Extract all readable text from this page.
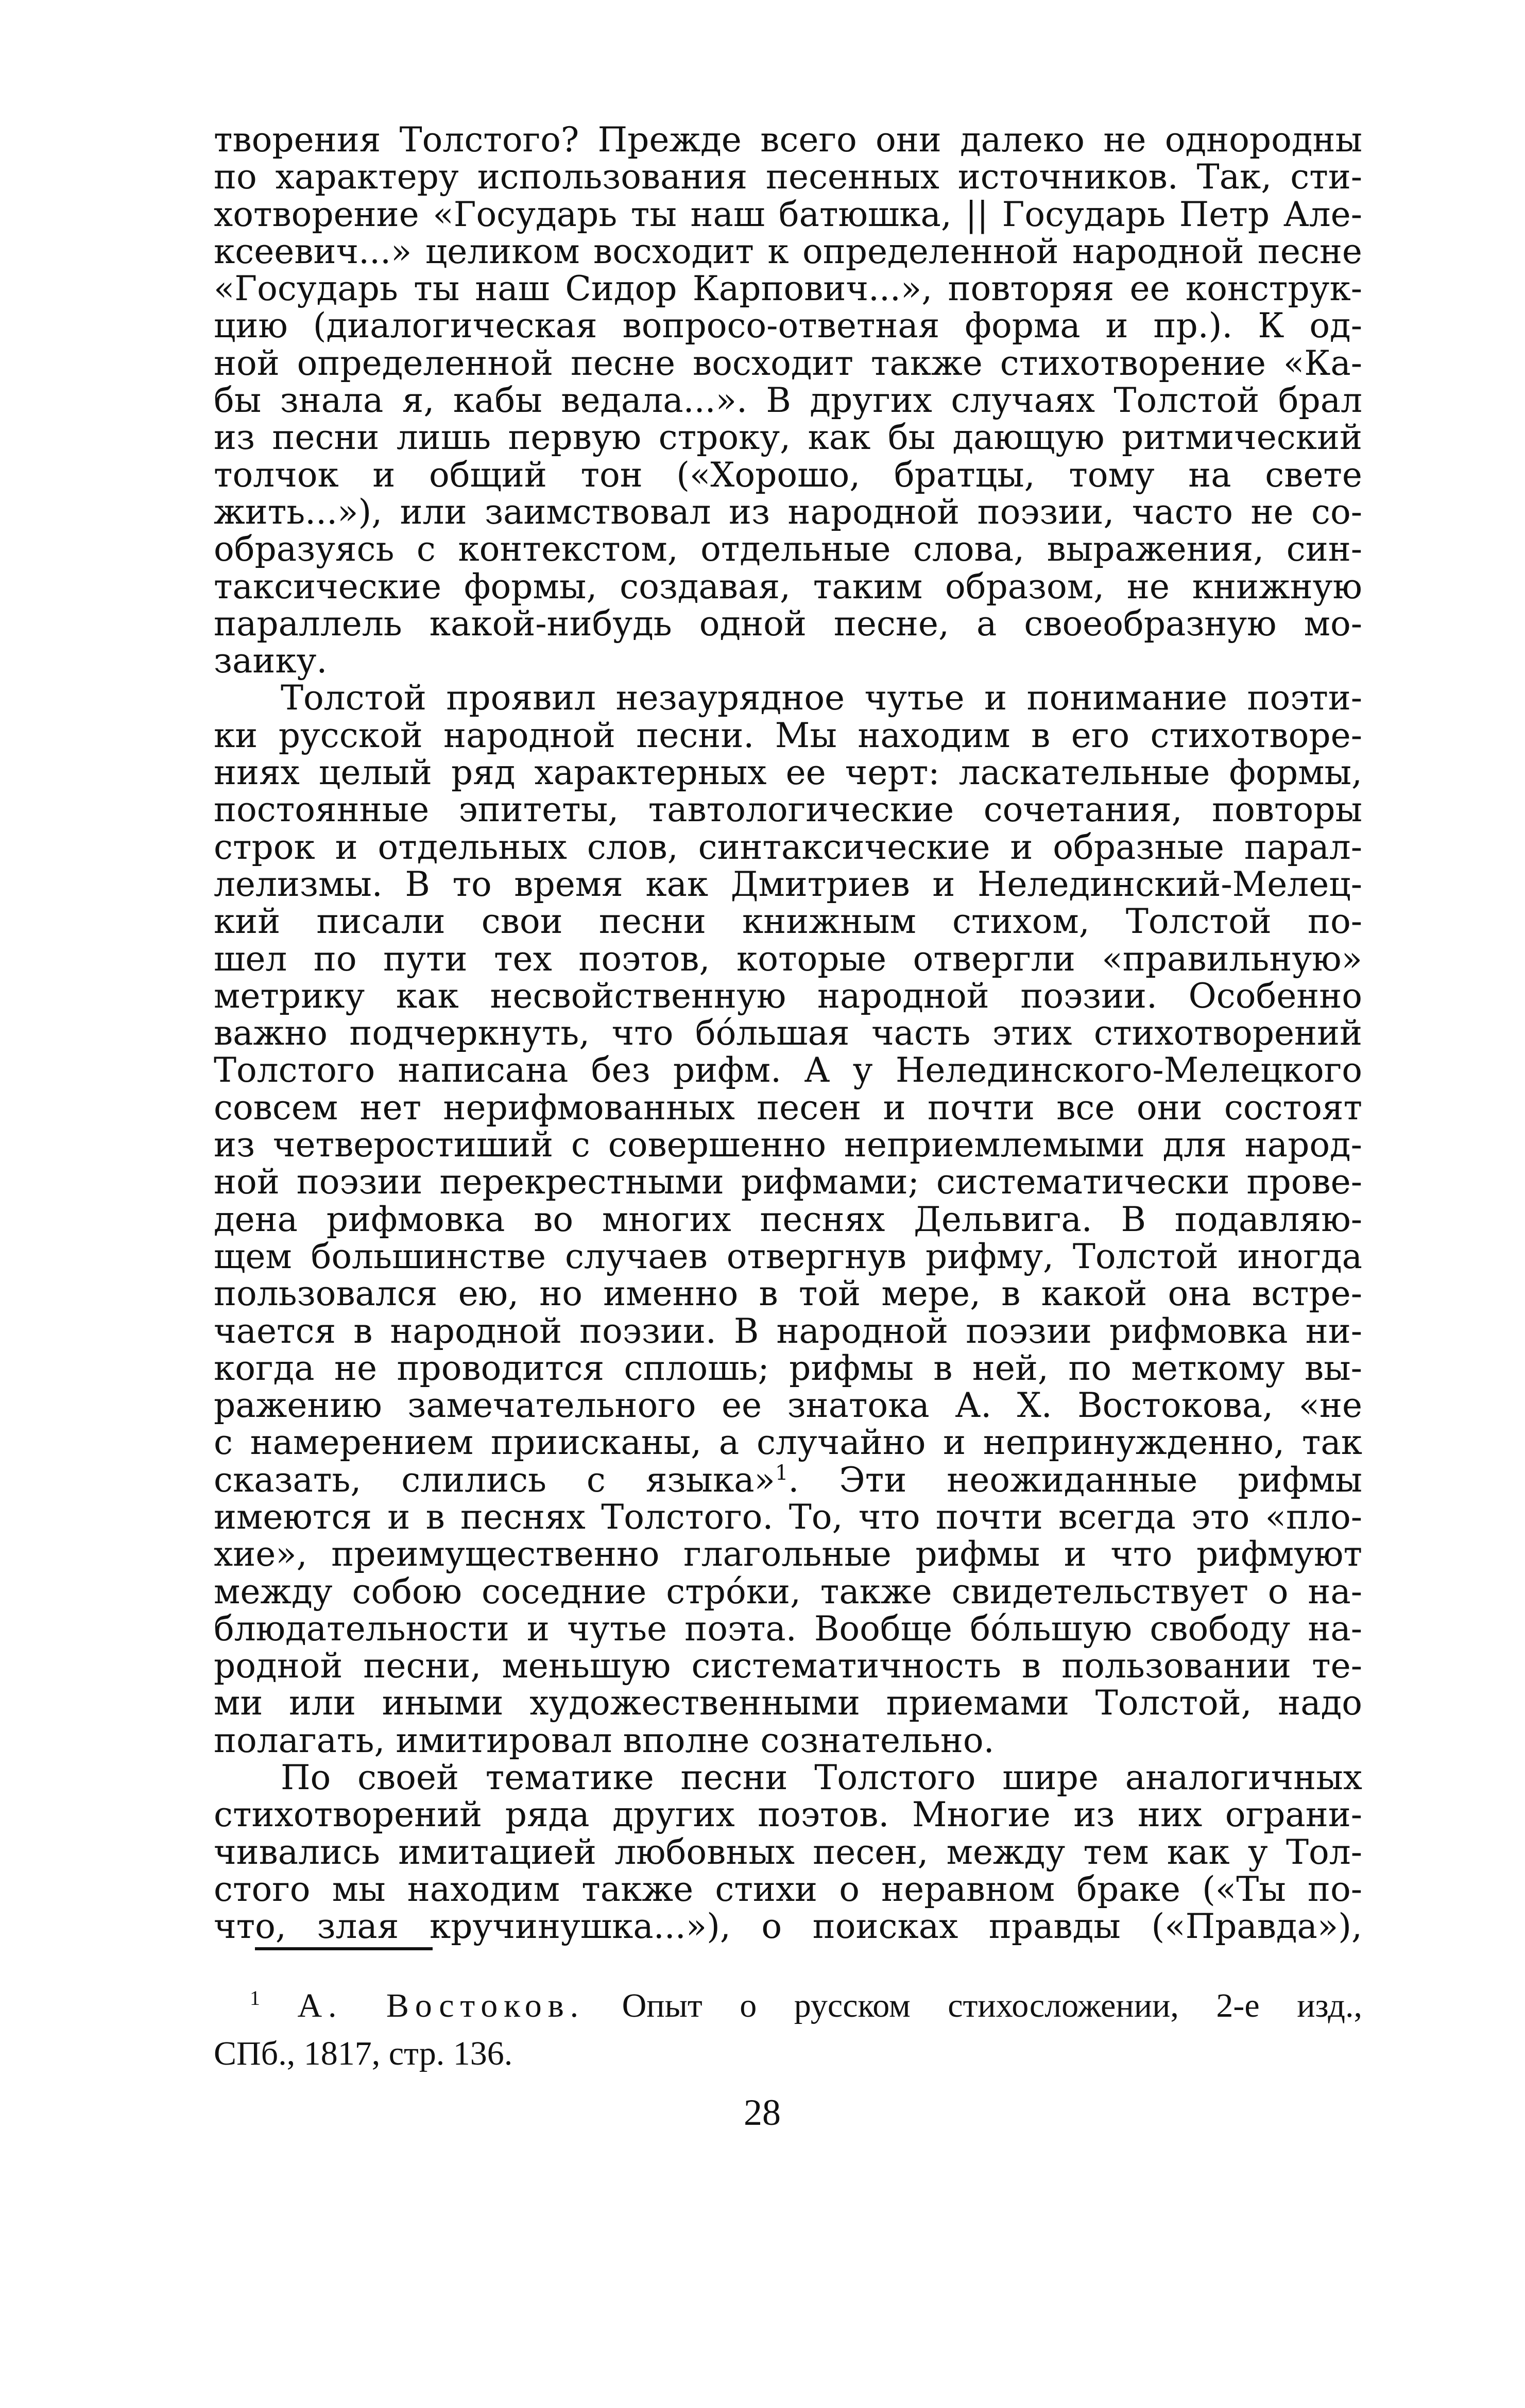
творения Толстого? Прежде всего они далеко не однородны
по характеру использования песенных источников. Так, сти-
хотворение «Государь ты наш батюшка, || Государь Петр Але-
ксеевич...» целиком восходит к определенной народной песне
«Государь ты наш Сидор Карпович...», повторяя ее конструк-
цию (диалогическая вопросо-ответная форма и пр.). К од-
ной определенной песне восходит также стихотворение «Ка-
бы знала я, кабы ведала...». В других случаях Толстой брал
из песни лишь первую строку, как бы дающую ритмический
толчок и общий тон («Хорошо, братцы, тому на свете
жить...»), или заимствовал из народной поэзии, часто не со-
образуясь с контекстом, отдельные слова, выражения, син-
таксические формы, создавая, таким образом, не книжную
параллель какой-нибудь одной песне, а своеобразную мо-
заику.
Толстой проявил незаурядное чутье и понимание поэти-
ки русской народной песни. Мы находим в его стихотворе-
ниях целый ряд характерных ее черт: ласкательные формы,
постоянные эпитеты, тавтологические сочетания, повторы
строк и отдельных слов, синтаксические и образные парал-
лелизмы. В то время как Дмитриев и Нелединский-Мелец-
кий писали свои песни книжным стихом, Толстой по-
шел по пути тех поэтов, которые отвергли «правильную»
метрику как несвойственную народной поэзии. Особенно
важно подчеркнуть, что бо́льшая часть этих стихотворений
Толстого написана без рифм. А у Нелединского-Мелецкого
совсем нет нерифмованных песен и почти все они состоят
из четверостиший с совершенно неприемлемыми для народ-
ной поэзии перекрестными рифмами; систематически прове-
дена рифмовка во многих песнях Дельвига. В подавляю-
щем большинстве случаев отвергнув рифму, Толстой иногда
пользовался ею, но именно в той мере, в какой она встре-
чается в народной поэзии. В народной поэзии рифмовка ни-
когда не проводится сплошь; рифмы в ней, по меткому вы-
ражению замечательного ее знатока А. Х. Востокова, «не
с намерением приисканы, а случайно и непринужденно, так
сказать, слились с языка»$^1$. Эти неожиданные рифмы
имеются и в песнях Толстого. То, что почти всегда это «пло-
хие», преимущественно глагольные рифмы и что рифмуют
между собою соседние стро́ки, также свидетельствует о на-
блюдательности и чутье поэта. Вообще бо́льшую свободу на-
родной песни, меньшую систематичность в пользовании те-
ми или иными художественными приемами Толстой, надо
полагать, имитировал вполне сознательно.
По своей тематике песни Толстого шире аналогичных
стихотворений ряда других поэтов. Многие из них ограни-
чивались имитацией любовных песен, между тем как у Тол-
стого мы находим также стихи о неравном браке («Ты по-
что, злая кручинушка...»), о поисках правды («Правда»),
$^1$ А. Востоков. Опыт о русском стихосложении, 2-е изд.,
СПб., 1817, стр. 136.
28
